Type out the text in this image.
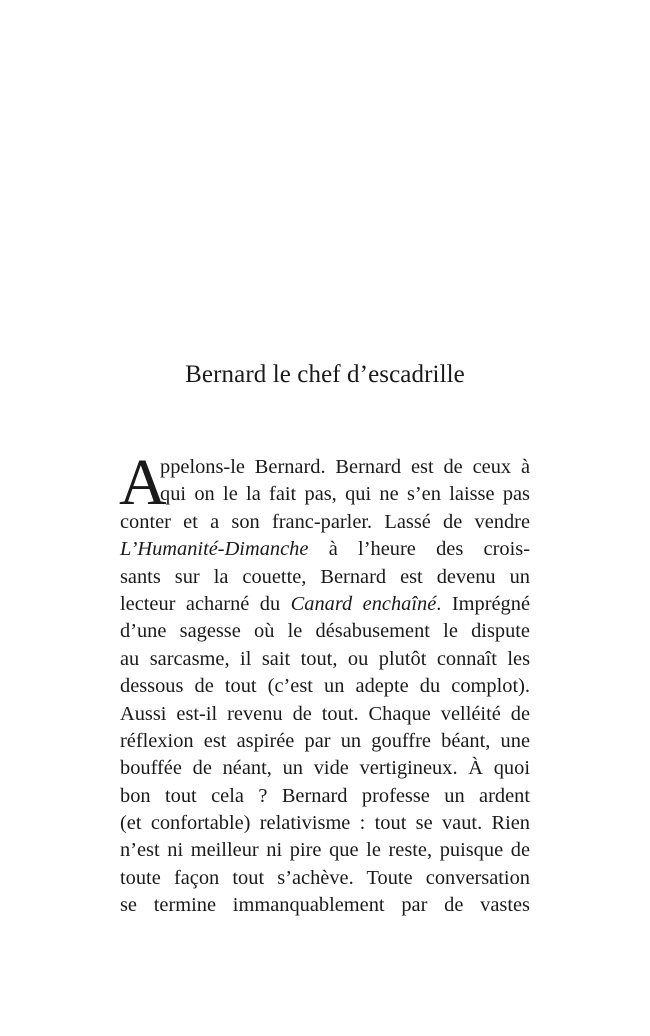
Bernard le chef d’escadrille
A
ppelons-le Bernard. Bernard est de ceux à
qui on le la fait pas, qui ne s’en laisse pas
conter et a son franc-parler. Lassé de vendre
L’Humanité-Dimanche à l’heure des crois-
sants sur la couette, Bernard est devenu un
lecteur acharné du Canard enchaîné. Imprégné
d’une sagesse où le désabusement le dispute
au sarcasme, il sait tout, ou plutôt connaît les
dessous de tout (c’est un adepte du complot).
Aussi est-il revenu de tout. Chaque velléité de
réflexion est aspirée par un gouffre béant, une
bouffée de néant, un vide vertigineux. À quoi
bon tout cela ? Bernard professe un ardent
(et confortable) relativisme : tout se vaut. Rien
n’est ni meilleur ni pire que le reste, puisque de
toute façon tout s’achève. Toute conversation
se termine immanquablement par de vastes
